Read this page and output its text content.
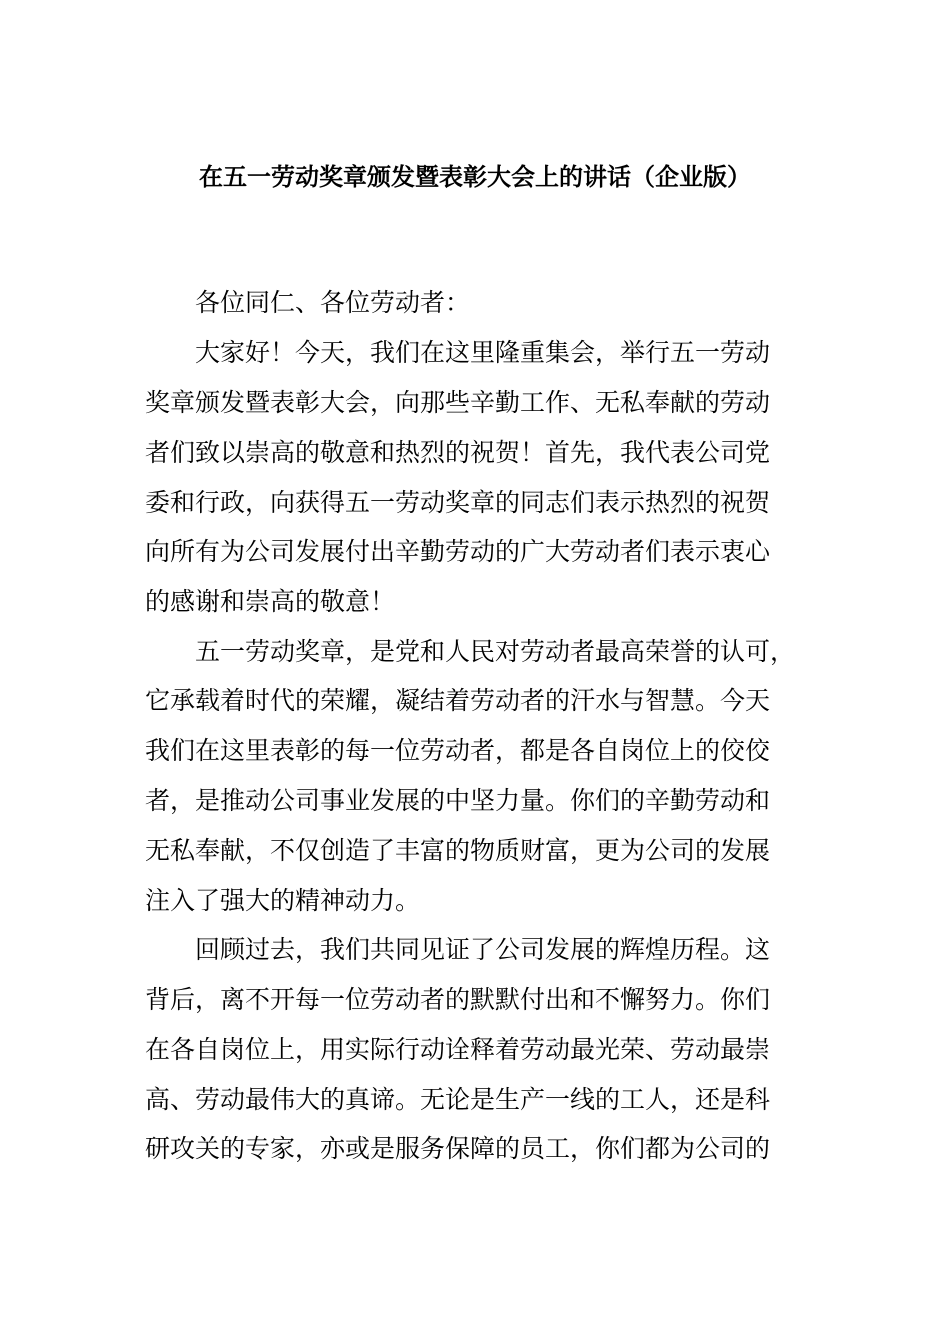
在五一劳动奖章颁发暨表彰大会上的讲话（企业版）

各位同仁、各位劳动者：

大家好！今天，我们在这里隆重集会，举行五一劳动

奖章颁发暨表彰大会，向那些辛勤工作、无私奉献的劳动

者们致以崇高的敬意和热烈的祝贺！首先，我代表公司党

委和行政，向获得五一劳动奖章的同志们表示热烈的祝贺

向所有为公司发展付出辛勤劳动的广大劳动者们表示衷心

的感谢和崇高的敬意！

五一劳动奖章，是党和人民对劳动者最高荣誉的认可，

它承载着时代的荣耀，凝结着劳动者的汗水与智慧。今天

我们在这里表彰的每一位劳动者，都是各自岗位上的佼佼

者，是推动公司事业发展的中坚力量。你们的辛勤劳动和

无私奉献，不仅创造了丰富的物质财富，更为公司的发展

注入了强大的精神动力。

回顾过去，我们共同见证了公司发展的辉煌历程。这

背后，离不开每一位劳动者的默默付出和不懈努力。你们

在各自岗位上，用实际行动诠释着劳动最光荣、劳动最崇

高、劳动最伟大的真谛。无论是生产一线的工人，还是科

研攻关的专家，亦或是服务保障的员工，你们都为公司的
